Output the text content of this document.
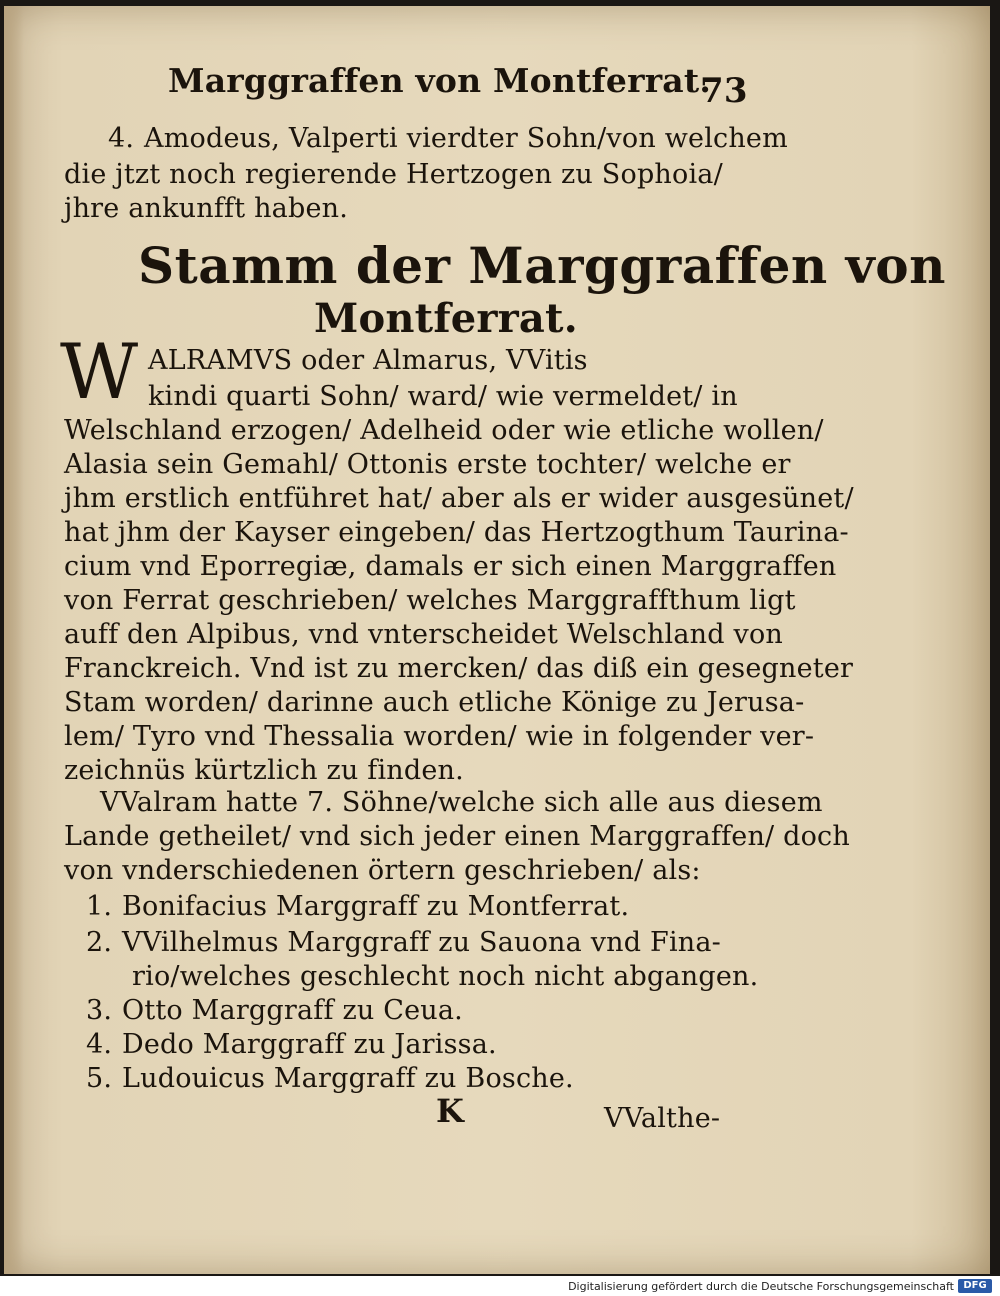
Marggraffen von Montferrat.
73
4. Amodeus, Valperti vierdter Sohn/von welchem
die jtzt noch regierende Hertzogen zu Sophoia/
jhre ankunfft haben.
Stamm der Marggraffen von
Montferrat.
W ALRAMVS oder Almarus, VVitis
kindi quarti Sohn/ ward/ wie vermeldet/ in
Welschland erzogen/ Adelheid oder wie etliche wollen/
Alasia sein Gemahl/ Ottonis erste tochter/ welche er
jhm erstlich entführet hat/ aber als er wider ausgesünet/
hat jhm der Kayser eingeben/ das Hertzogthum Taurina-
cium vnd Eporregiæ, damals er sich einen Marggraffen
von Ferrat geschrieben/ welches Marggraffthum ligt
auff den Alpibus, vnd vnterscheidet Welschland von
Franckreich. Vnd ist zu mercken/ das diß ein gesegneter
Stam worden/ darinne auch etliche Könige zu Jerusa-
lem/ Tyro vnd Thessalia worden/ wie in folgender ver-
zeichnüs kürtzlich zu finden.
VValram hatte 7. Söhne/welche sich alle aus diesem
Lande getheilet/ vnd sich jeder einen Marggraffen/ doch
von vnderschiedenen örtern geschrieben/ als:
1. Bonifacius Marggraff zu Montferrat.
2. VVilhelmus Marggraff zu Sauona vnd Fina-
rio/welches geschlecht noch nicht abgangen.
3. Otto Marggraff zu Ceua.
4. Dedo Marggraff zu Jarissa.
5. Ludouicus Marggraff zu Bosche.
K	VValthe-
Digitalisierung gefördert durch die Deutsche Forschungsgemeinschaft DFG
